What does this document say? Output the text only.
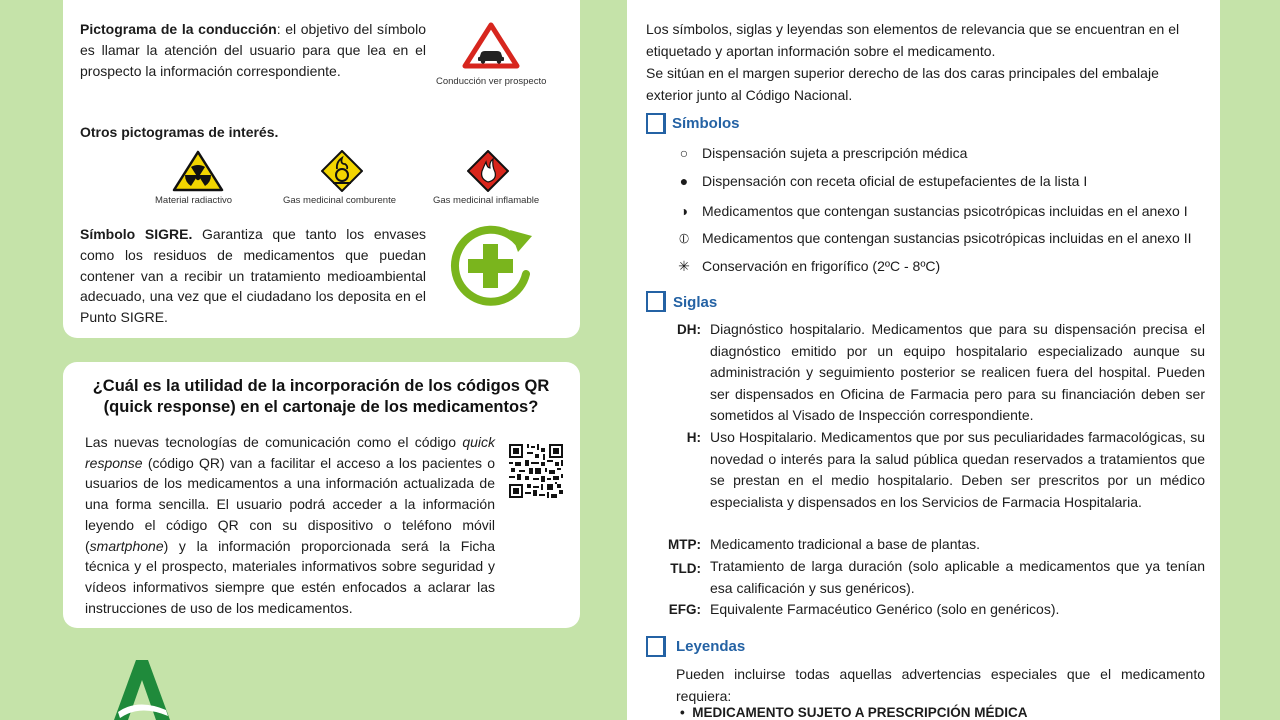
Pictograma de la conducción: el objetivo del símbolo es llamar la atención del usuario para que lea en el prospecto la información correspondiente.
Conducción ver prospecto
Otros pictogramas de interés.
Material radiactivo	Gas medicinal comburente	Gas medicinal inflamable
Símbolo SIGRE. Garantiza que tanto los envases como los residuos de medicamentos que puedan contener van a recibir un tratamiento medioambiental adecuado, una vez que el ciudadano los deposita en el Punto SIGRE.
¿Cuál es la utilidad de la incorporación de los códigos QR
(quick response) en el cartonaje de los medicamentos?
Las nuevas tecnologías de comunicación como el código quick response (código QR) van a facilitar el acceso a los pacientes o usuarios de los medicamentos a una información actualizada de una forma sencilla. El usuario podrá acceder a la información leyendo el código QR con su dispositivo o teléfono móvil (smartphone) y la información proporcionada será la Ficha técnica y el prospecto, materiales informativos sobre seguridad y vídeos informativos siempre que estén enfocados a aclarar las instrucciones de uso de los medicamentos.
Los símbolos, siglas y leyendas son elementos de relevancia que se encuentran en el etiquetado y aportan información sobre el medicamento.
Se sitúan en el margen superior derecho de las dos caras principales del embalaje exterior junto al Código Nacional.
Símbolos
○ Dispensación sujeta a prescripción médica
● Dispensación con receta oficial de estupefacientes de la lista I
◑ Medicamentos que contengan sustancias psicotrópicas incluidas en el anexo I
⦶ Medicamentos que contengan sustancias psicotrópicas incluidas en el anexo II
✳ Conservación en frigorífico (2ºC - 8ºC)
Siglas
DH: Diagnóstico hospitalario. Medicamentos que para su dispensación precisa el diagnóstico emitido por un equipo hospitalario especializado aunque su administración y seguimiento posterior se realicen fuera del hospital. Pueden ser dispensados en Oficina de Farmacia pero para su financiación deben ser sometidos al Visado de Inspección correspondiente.
H: Uso Hospitalario. Medicamentos que por sus peculiaridades farmacológicas, su novedad o interés para la salud pública quedan reservados a tratamientos que se prestan en el medio hospitalario. Deben ser prescritos por un médico especialista y dispensados en los Servicios de Farmacia Hospitalaria.
MTP: Medicamento tradicional a base de plantas.
TLD: Tratamiento de larga duración (solo aplicable a medicamentos que ya tenían esa calificación y sus genéricos).
EFG: Equivalente Farmacéutico Genérico (solo en genéricos).
Leyendas
Pueden incluirse todas aquellas advertencias especiales que el medicamento requiera:
•  MEDICAMENTO SUJETO A PRESCRIPCIÓN MÉDICA
